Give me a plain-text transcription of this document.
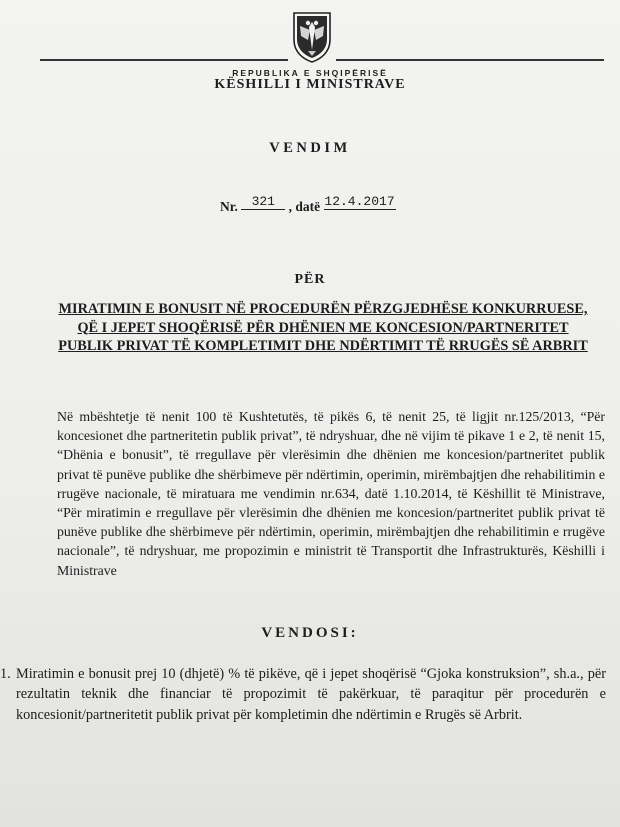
REPUBLIKA E SHQIPËRISË
KËSHILLI I MINISTRAVE
VENDIM
Nr. 321 , datë 12.4.2017
PËR
MIRATIMIN E BONUSIT NË PROCEDURËN PËRZGJEDHËSE KONKURRUESE, QË I JEPET SHOQËRISË PËR DHËNIEN ME KONCESION/PARTNERITET PUBLIK PRIVAT TË KOMPLETIMIT DHE NDËRTIMIT TË RRUGËS SË ARBRIT
Në mbështetje të nenit 100 të Kushtetutës, të pikës 6, të nenit 25, të ligjit nr.125/2013, “Për koncesionet dhe partneritetin publik privat”, të ndryshuar, dhe në vijim të pikave 1 e 2, të nenit 15, “Dhënia e bonusit”, të rregullave për vlerësimin dhe dhënien me koncesion/partneritet publik privat të punëve publike dhe shërbimeve për ndërtimin, operimin, mirëmbajtjen dhe rehabilitimin e rrugëve nacionale, të miratuara me vendimin nr.634, datë 1.10.2014, të Këshillit të Ministrave, “Për miratimin e rregullave për vlerësimin dhe dhënien me koncesion/partneritet publik privat të punëve publike dhe shërbimeve për ndërtimin, operimin, mirëmbajtjen dhe rehabilitimin e rrugëve nacionale”, të ndryshuar, me propozimin e ministrit të Transportit dhe Infrastrukturës, Këshilli i Ministrave
VENDOSI:
1. Miratimin e bonusit prej 10 (dhjetë) % të pikëve, që i jepet shoqërisë “Gjoka konstruksion”, sh.a., për rezultatin teknik dhe financiar të propozimit të pakërkuar, të paraqitur për procedurën e koncesionit/partneritetit publik privat për kompletimin dhe ndërtimin e Rrugës së Arbrit.
